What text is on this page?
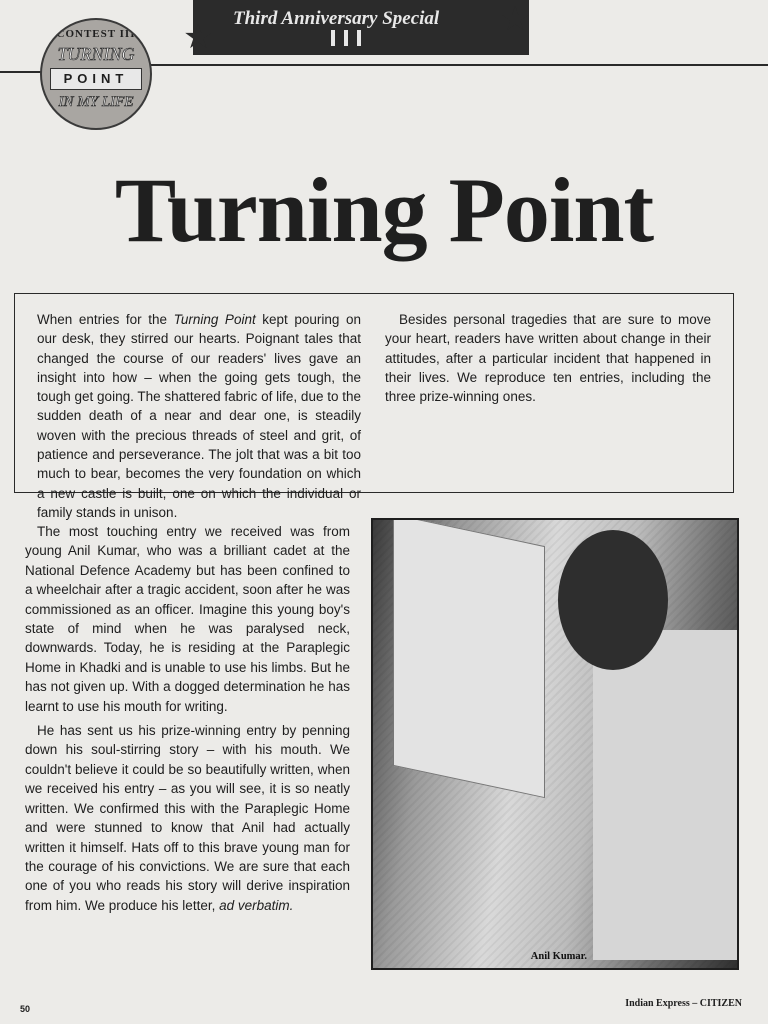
CONTEST III
TURNING
POINT
IN MY LIFE
Third Anniversary Special
★	★
Turning Point

When entries for the Turning Point kept pouring on our desk, they stirred our hearts. Poignant tales that changed the course of our readers' lives gave an insight into how – when the going gets tough, the tough get going. The shattered fabric of life, due to the sudden death of a near and dear one, is steadily woven with the precious threads of steel and grit, of patience and perseverance. The jolt that was a bit too much to bear, becomes the very foundation on which a new castle is built, one on which the individual or family stands in unison.

Besides personal tragedies that are sure to move your heart, readers have written about change in their attitudes, after a particular incident that happened in their lives. We reproduce ten entries, including the three prize-winning ones.

The most touching entry we received was from young Anil Kumar, who was a brilliant cadet at the National Defence Academy but has been confined to a wheelchair after a tragic accident, soon after he was commissioned as an officer. Imagine this young boy's state of mind when he was paralysed neck, downwards. Today, he is residing at the Paraplegic Home in Khadki and is unable to use his limbs. But he has not given up. With a dogged determination he has learnt to use his mouth for writing.

He has sent us his prize-winning entry by penning down his soul-stirring story – with his mouth. We couldn't believe it could be so beautifully written, when we received his entry – as you will see, it is so neatly written. We confirmed this with the Paraplegic Home and were stunned to know that Anil had actually written it himself. Hats off to this brave young man for the courage of his convictions. We are sure that each one of you who reads his story will derive inspiration from him. We produce his letter, ad verbatim.

Anil Kumar.
50	Indian Express – CITIZEN
